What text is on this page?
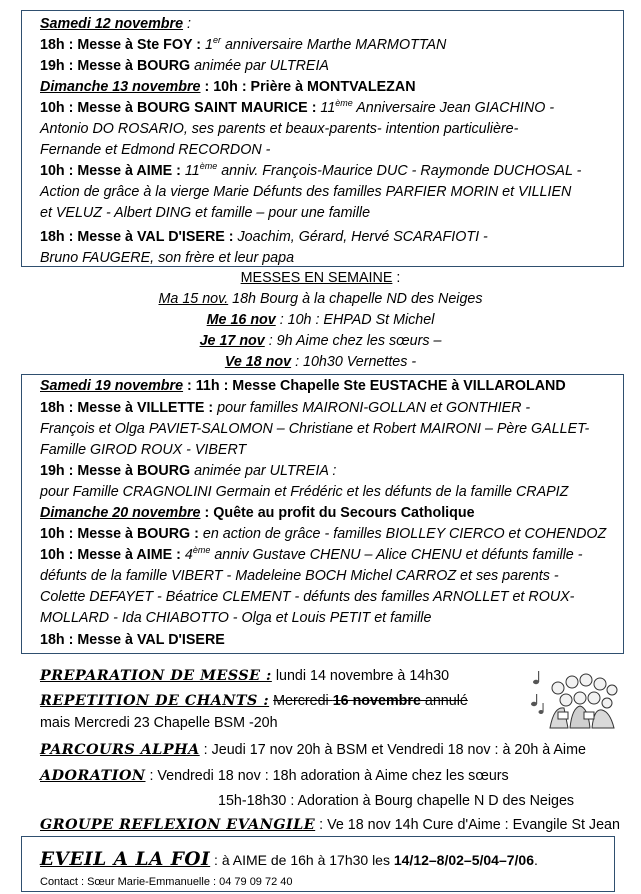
Samedi 12 novembre :
18h : Messe à Ste FOY : 1er anniversaire Marthe MARMOTTAN
19h : Messe à BOURG animée par ULTREIA
Dimanche 13 novembre : 10h : Prière à MONTVALEZAN
10h : Messe à BOURG SAINT MAURICE : 11ème Anniversaire Jean GIACHINO -
Antonio DO ROSARIO, ses parents et beaux-parents- intention particulière-
Fernande et Edmond RECORDON -
10h : Messe à AIME : 11ème anniv. François-Maurice DUC - Raymonde DUCHOSAL -
Action de grâce à la vierge Marie Défunts des familles PARFIER MORIN et VILLIEN
et VELUZ - Albert DING et famille – pour une famille
18h : Messe à VAL D'ISERE : Joachim, Gérard, Hervé SCARAFIOTI -
Bruno FAUGERE, son frère et leur papa
MESSES EN SEMAINE :
Ma 15 nov. 18h Bourg à la chapelle ND des Neiges
Me 16 nov : 10h : EHPAD St Michel
Je 17 nov : 9h Aime chez les sœurs –
Ve 18 nov : 10h30 Vernettes -
Samedi 19 novembre : 11h : Messe Chapelle Ste EUSTACHE à VILLAROLAND
18h : Messe à VILLETTE : pour familles MAIRONI-GOLLAN et GONTHIER -
François et Olga PAVIET-SALOMON – Christiane et Robert MAIRONI – Père GALLET-
Famille GIROD ROUX - VIBERT
19h : Messe à BOURG animée par ULTREIA :
pour Famille CRAGNOLINI Germain et Frédéric et les défunts de la famille CRAPIZ
Dimanche 20 novembre : Quête au profit du Secours Catholique
10h : Messe à BOURG : en action de grâce - familles BIOLLEY CIERCO et COHENDOZ
10h : Messe à AIME : 4ème anniv Gustave CHENU – Alice CHENU et défunts famille -
défunts de la famille VIBERT - Madeleine BOCH Michel CARROZ et ses parents -
Colette DEFAYET - Béatrice CLEMENT - défunts des familles ARNOLLET et ROUX-
MOLLARD - Ida CHIABOTTO - Olga et Louis PETIT et famille
18h : Messe à VAL D'ISERE
PREPARATION DE MESSE : lundi 14 novembre à 14h30
REPETITION DE CHANTS : Mercredi 16 novembre annulé
mais Mercredi 23 Chapelle BSM -20h
PARCOURS ALPHA : Jeudi 17 nov 20h à BSM et Vendredi 18 nov : à 20h à Aime
ADORATION : Vendredi 18 nov : 18h adoration à Aime chez les sœurs
15h-18h30 : Adoration à Bourg chapelle N D des Neiges
GROUPE REFLEXION EVANGILE : Ve 18 nov 14h Cure d'Aime : Evangile St Jean
EVEIL A LA FOI : à AIME de 16h à 17h30 les 14/12–8/02–5/04–7/06.
Contact : Sœur Marie-Emmanuelle : 04 79 09 72 40
